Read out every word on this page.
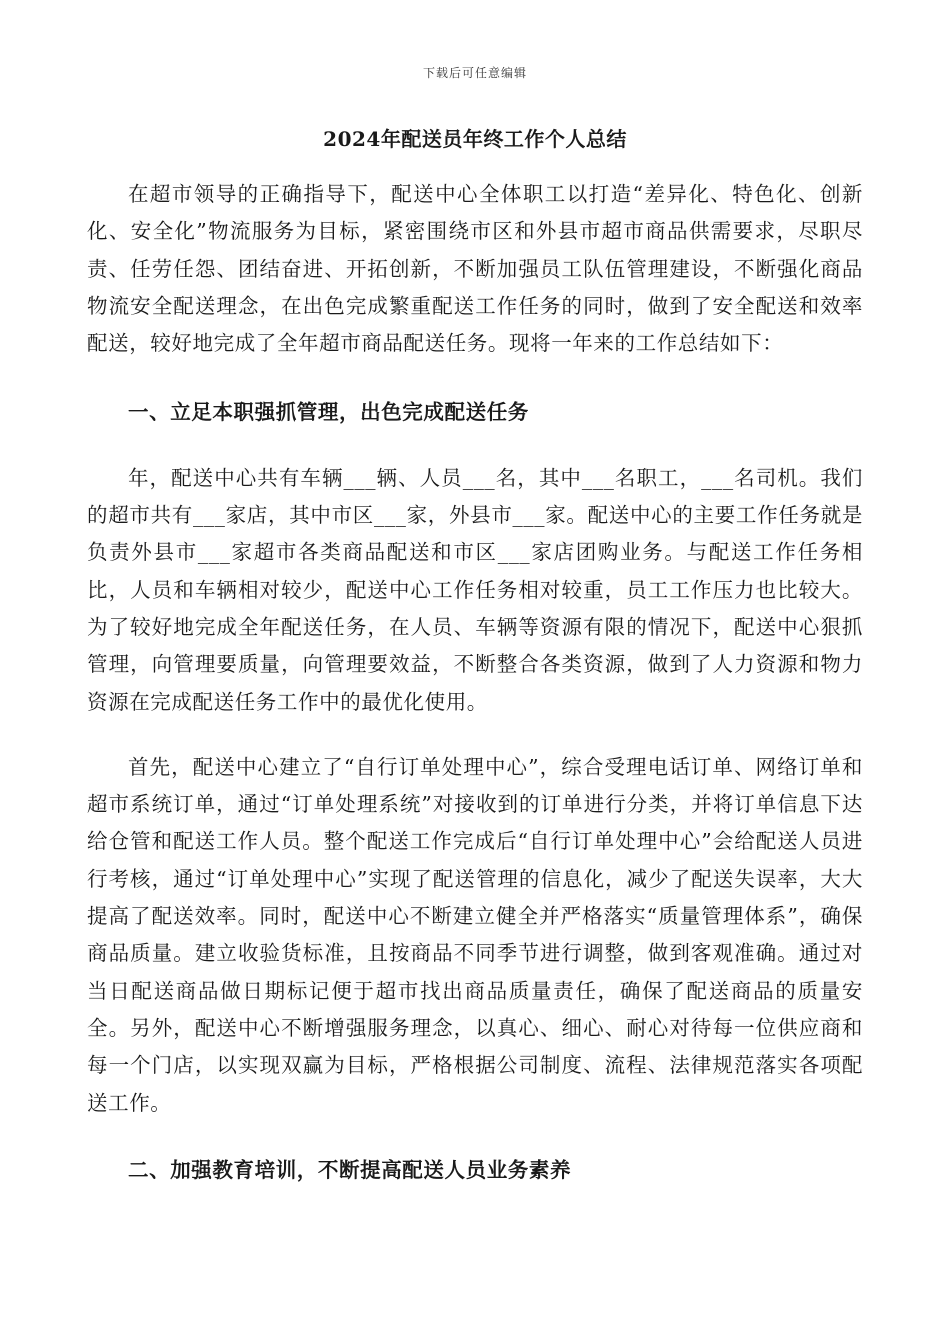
下载后可任意编辑
2024年配送员年终工作个人总结

在超市领导的正确指导下，配送中心全体职工以打造“差异化、特色化、创新化、安全化”物流服务为目标，紧密围绕市区和外县市超市商品供需要求，尽职尽责、任劳任怨、团结奋进、开拓创新，不断加强员工队伍管理建设，不断强化商品物流安全配送理念，在出色完成繁重配送工作任务的同时，做到了安全配送和效率配送，较好地完成了全年超市商品配送任务。现将一年来的工作总结如下：

一、立足本职强抓管理，出色完成配送任务

年，配送中心共有车辆___辆、人员___名，其中___名职工，___名司机。我们的超市共有___家店，其中市区___家，外县市___家。配送中心的主要工作任务就是负责外县市___家超市各类商品配送和市区___家店团购业务。与配送工作任务相比，人员和车辆相对较少，配送中心工作任务相对较重，员工工作压力也比较大。为了较好地完成全年配送任务，在人员、车辆等资源有限的情况下，配送中心狠抓管理，向管理要质量，向管理要效益，不断整合各类资源，做到了人力资源和物力资源在完成配送任务工作中的最优化使用。

首先，配送中心建立了“自行订单处理中心”，综合受理电话订单、网络订单和超市系统订单，通过“订单处理系统”对接收到的订单进行分类，并将订单信息下达给仓管和配送工作人员。整个配送工作完成后“自行订单处理中心”会给配送人员进行考核，通过“订单处理中心”实现了配送管理的信息化，减少了配送失误率，大大提高了配送效率。同时，配送中心不断建立健全并严格落实“质量管理体系”，确保商品质量。建立收验货标准，且按商品不同季节进行调整，做到客观准确。通过对当日配送商品做日期标记便于超市找出商品质量责任，确保了配送商品的质量安全。另外，配送中心不断增强服务理念，以真心、细心、耐心对待每一位供应商和每一个门店，以实现双赢为目标，严格根据公司制度、流程、法律规范落实各项配送工作。

二、加强教育培训，不断提高配送人员业务素养
